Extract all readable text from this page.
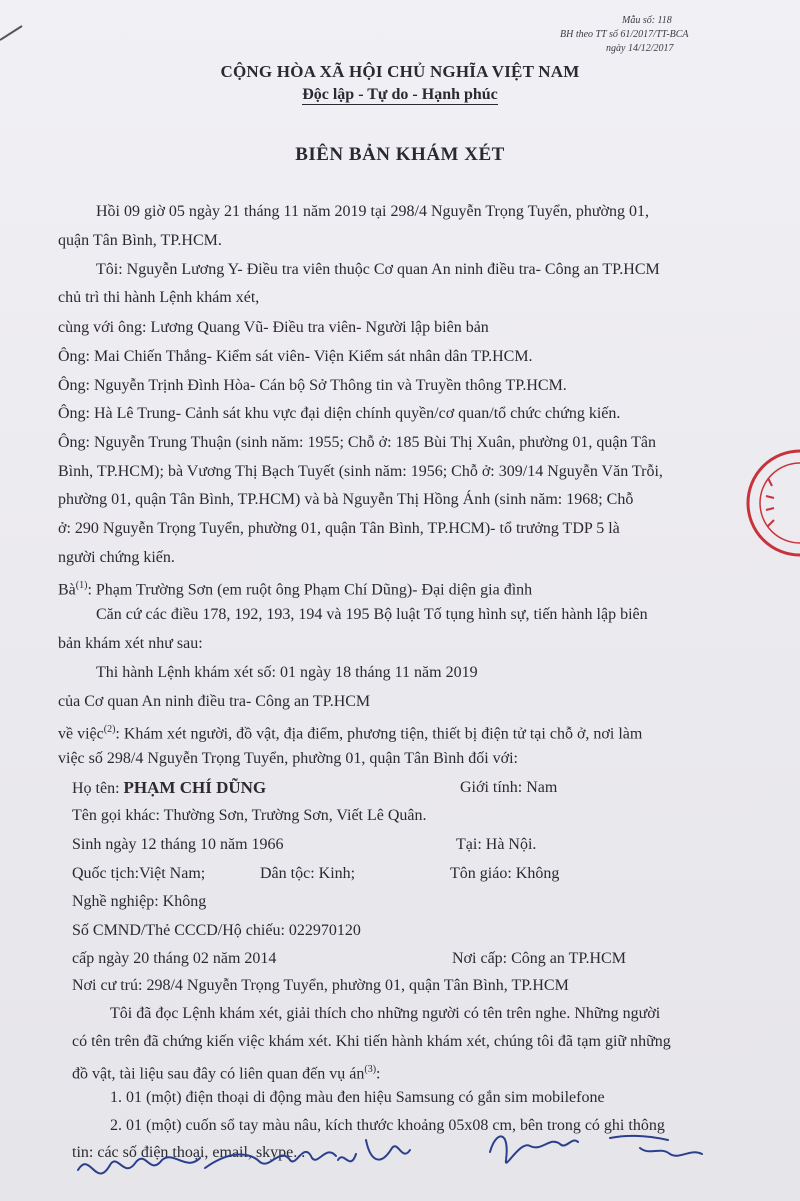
Mẫu số: 118
BH theo TT số 61/2017/TT-BCA
ngày 14/12/2017
CỘNG HÒA XÃ HỘI CHỦ NGHĨA VIỆT NAM
Độc lập - Tự do - Hạnh phúc
BIÊN BẢN KHÁM XÉT
Hồi 09 giờ 05 ngày 21 tháng 11 năm 2019 tại 298/4 Nguyễn Trọng Tuyển, phường 01,
quận Tân Bình, TP.HCM.
Tôi: Nguyễn Lương Y- Điều tra viên thuộc Cơ quan An ninh điều tra- Công an TP.HCM
chủ trì thi hành Lệnh khám xét,
cùng với ông: Lương Quang Vũ- Điều tra viên- Người lập biên bản
Ông: Mai Chiến Thắng- Kiểm sát viên- Viện Kiểm sát nhân dân TP.HCM.
Ông: Nguyễn Trịnh Đình Hòa- Cán bộ Sở Thông tin và Truyền thông TP.HCM.
Ông: Hà Lê Trung- Cảnh sát khu vực đại diện chính quyền/cơ quan/tổ chức chứng kiến.
Ông: Nguyễn Trung Thuận (sinh năm: 1955; Chỗ ở: 185 Bùi Thị Xuân, phường 01, quận Tân
Bình, TP.HCM); bà Vương Thị Bạch Tuyết (sinh năm: 1956; Chỗ ở: 309/14 Nguyễn Văn Trỗi,
phường 01, quận Tân Bình, TP.HCM) và bà Nguyễn Thị Hồng Ánh (sinh năm: 1968; Chỗ
ở: 290 Nguyễn Trọng Tuyển, phường 01, quận Tân Bình, TP.HCM)- tổ trưởng TDP 5 là
người chứng kiến.
$Bà^{(1)}$: Phạm Trường Sơn (em ruột ông Phạm Chí Dũng)- Đại diện gia đình
Căn cứ các điều 178, 192, 193, 194 và 195 Bộ luật Tố tụng hình sự, tiến hành lập biên
bản khám xét như sau:
Thi hành Lệnh khám xét số: 01 ngày 18 tháng 11 năm 2019
của Cơ quan An ninh điều tra- Công an TP.HCM
về việc$^{(2)}$: Khám xét người, đồ vật, địa điểm, phương tiện, thiết bị điện tử tại chỗ ở, nơi làm
việc số 298/4 Nguyễn Trọng Tuyển, phường 01, quận Tân Bình đối với:
Họ tên: PHẠM CHÍ DŨNG	Giới tính: Nam
Tên gọi khác: Thường Sơn, Trường Sơn, Viết Lê Quân.
Sinh ngày 12 tháng 10 năm 1966	Tại: Hà Nội.
Quốc tịch:Việt Nam;	Dân tộc: Kinh;	Tôn giáo: Không
Nghề nghiệp: Không
Số CMND/Thẻ CCCD/Hộ chiếu: 022970120
cấp ngày 20 tháng 02 năm 2014	Nơi cấp: Công an TP.HCM
Nơi cư trú: 298/4 Nguyễn Trọng Tuyển, phường 01, quận Tân Bình, TP.HCM
Tôi đã đọc Lệnh khám xét, giải thích cho những người có tên trên nghe. Những người
có tên trên đã chứng kiến việc khám xét. Khi tiến hành khám xét, chúng tôi đã tạm giữ những
đồ vật, tài liệu sau đây có liên quan đến vụ $án^{(3)}$:
1. 01 (một) điện thoại di động màu đen hiệu Samsung có gắn sim mobilefone
2. 01 (một) cuốn sổ tay màu nâu, kích thước khoảng 05x08 cm, bên trong có ghi thông
tin: các số điện thoại, email, skype...
